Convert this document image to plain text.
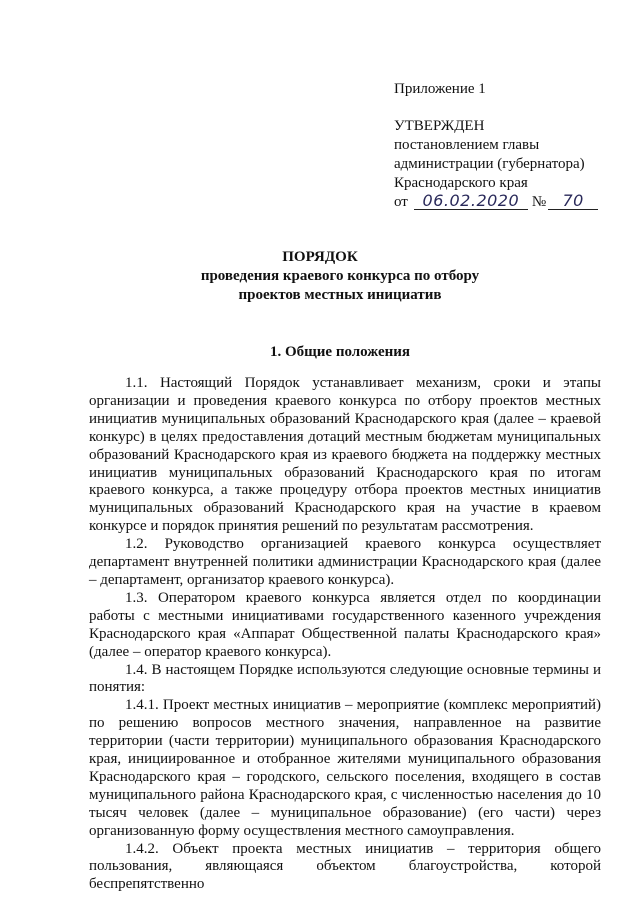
Приложение 1
УТВЕРЖДЕН
постановлением главы
администрации (губернатора)
Краснодарского края
от 06.02.2020 №	70
ПОРЯДОК
проведения краевого конкурса по отбору
проектов местных инициатив
1. Общие положения

1.1. Настоящий Порядок устанавливает механизм, сроки и этапы организации и проведения краевого конкурса по отбору проектов местных инициатив муниципальных образований Краснодарского края (далее – краевой конкурс) в целях предоставления дотаций местным бюджетам муниципальных образований Краснодарского края из краевого бюджета на поддержку местных инициатив муниципальных образований Краснодарского края по итогам краевого конкурса, а также процедуру отбора проектов местных инициатив муниципальных образований Краснодарского края на участие в краевом конкурсе и порядок принятия решений по результатам рассмотрения.

1.2. Руководство организацией краевого конкурса осуществляет департамент внутренней политики администрации Краснодарского края (далее – департамент, организатор краевого конкурса).

1.3. Оператором краевого конкурса является отдел по координации работы с местными инициативами государственного казенного учреждения Краснодарского края «Аппарат Общественной палаты Краснодарского края» (далее – оператор краевого конкурса).

1.4. В настоящем Порядке используются следующие основные термины и понятия:

1.4.1. Проект местных инициатив – мероприятие (комплекс мероприятий) по решению вопросов местного значения, направленное на развитие территории (части территории) муниципального образования Краснодарского края, инициированное и отобранное жителями муниципального образования Краснодарского края – городского, сельского поселения, входящего в состав муниципального района Краснодарского края, с численностью населения до 10 тысяч человек (далее – муниципальное образование) (его части) через организованную форму осуществления местного самоуправления.

1.4.2. Объект проекта местных инициатив – территория общего пользования, являющаяся объектом благоустройства, которой беспрепятственно
